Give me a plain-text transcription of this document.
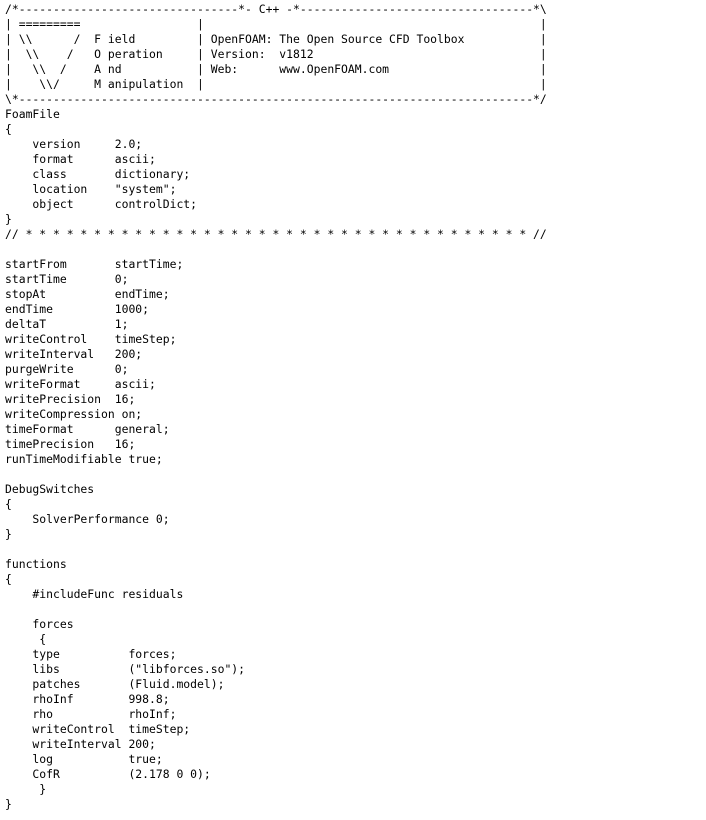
/*--------------------------------*- C++ -*----------------------------------*\
| =========                 |                                                 |
| \\      /  F ield         | OpenFOAM: The Open Source CFD Toolbox           |
|  \\    /   O peration     | Version:  v1812                                 |
|   \\  /    A nd           | Web:      www.OpenFOAM.com                      |
|    \\/     M anipulation  |                                                 |
\*---------------------------------------------------------------------------*/
FoamFile
{
version     2.0;
format      ascii;
class       dictionary;
location    "system";
object      controlDict;
}
// * * * * * * * * * * * * * * * * * * * * * * * * * * * * * * * * * * * * * //
startFrom       startTime;
startTime       0;
stopAt          endTime;
endTime         1000;
deltaT          1;
writeControl    timeStep;
writeInterval   200;
purgeWrite      0;
writeFormat     ascii;
writePrecision  16;
writeCompression on;
timeFormat      general;
timePrecision   16;
runTimeModifiable true;
DebugSwitches
{
SolverPerformance 0;
}
functions
{
#includeFunc residuals
forces
{
type          forces;
libs          ("libforces.so");
patches       (Fluid.model);
rhoInf        998.8;
rho           rhoInf;
writeControl  timeStep;
writeInterval 200;
log           true;
CofR          (2.178 0 0);
}
}
